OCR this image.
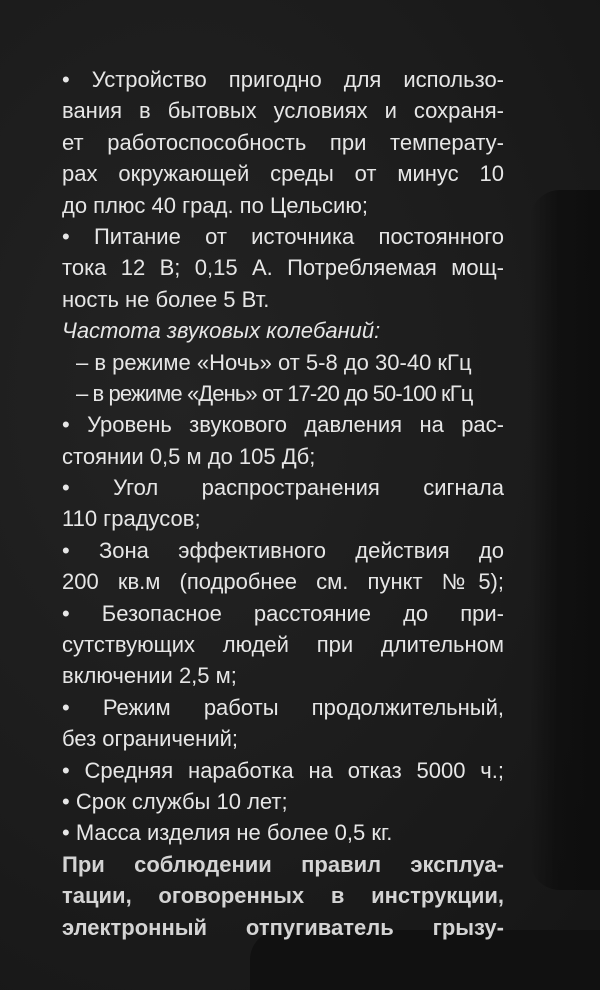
• Устройство пригодно для использо-
вания в бытовых условиях и сохраня-
ет работоспособность при температу-
рах окружающей среды от минус 10
до плюс 40 град. по Цельсию;
• Питание от источника постоянного
тока 12 В; 0,15 А. Потребляемая мощ-
ность не более 5 Вт.
Частота звуковых колебаний:
– в режиме «Ночь» от 5-8 до 30-40 кГц
– в режиме «День» от 17-20 до 50-100 кГц
• Уровень звукового давления на рас-
стоянии 0,5 м до 105 Дб;
• Угол распространения сигнала
110 градусов;
• Зона эффективного действия до
200 кв.м (подробнее см. пункт №5);
• Безопасное расстояние до при-
сутствующих людей при длительном
включении 2,5 м;
• Режим работы продолжительный,
без ограничений;
• Средняя наработка на отказ 5000 ч.;
• Срок службы 10 лет;
• Масса изделия не более 0,5 кг.
При соблюдении правил эксплуа-
тации, оговоренных в инструкции,
электронный отпугиватель грызу-
